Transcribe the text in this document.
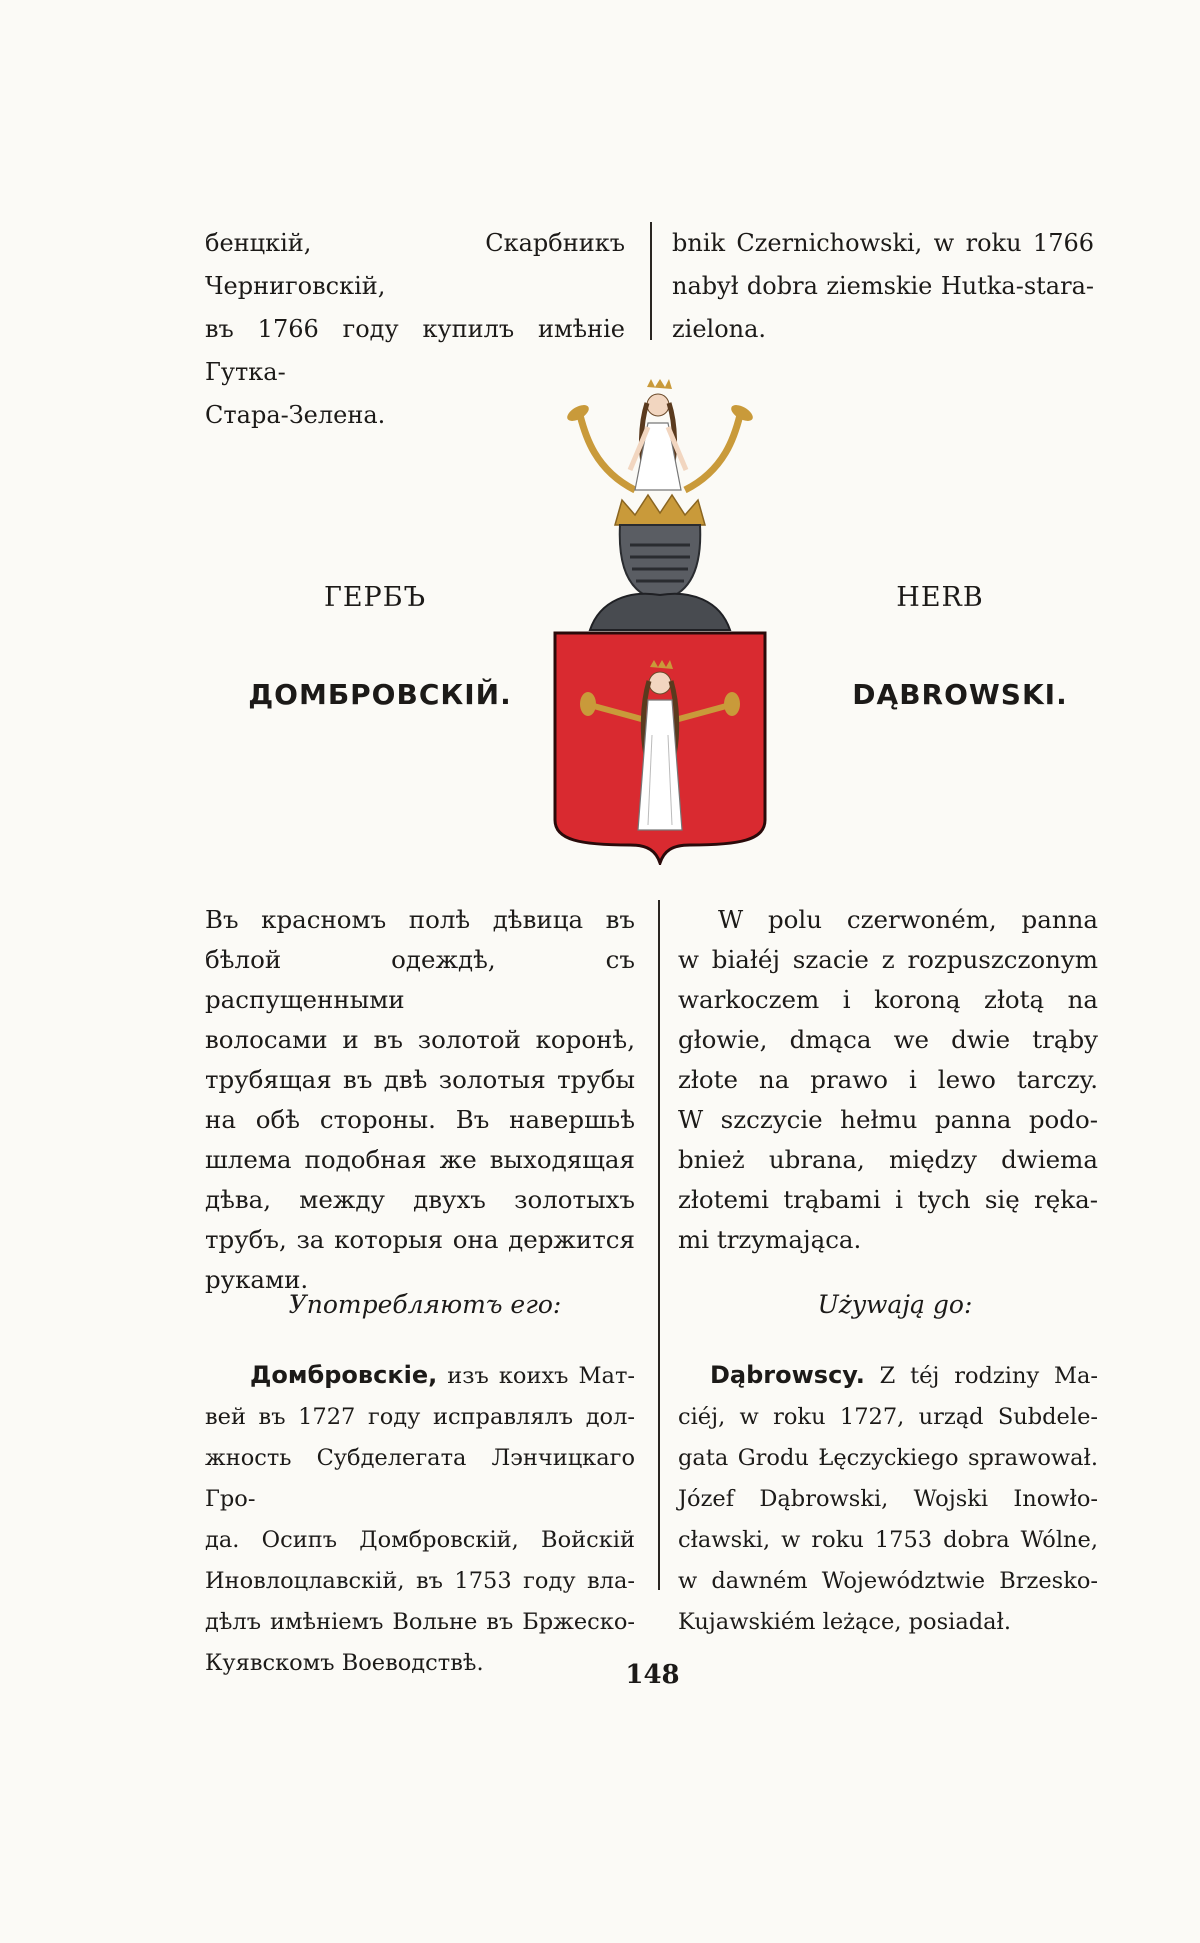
бенцкій, Скарбникъ Черниговскій,
въ 1766 году купилъ имѣніе Гутка-
Стара-Зелена.
bnik Czernichowski, w roku 1766
nabył dobra ziemskie Hutka-stara-
zielona.
ГЕРБЪ
ДОМБРОВСКІЙ.
HERB
DĄBROWSKI.
Въ красномъ полѣ дѣвица въ
бѣлой одеждѣ, съ распущенными
волосами и въ золотой коронѣ,
трубящая въ двѣ золотыя трубы
на обѣ стороны. Въ навершьѣ
шлема подобная же выходящая
дѣва, между двухъ золотыхъ
трубъ, за которыя она держится
руками.
W polu czerwoném, panna
w białéj szacie z rozpuszczonym
warkoczem i koroną złotą na
głowie, dmąca we dwie trąby
złote na prawo i lewo tarczy.
W szczycie hełmu panna podo-
bnież ubrana, między dwiema
złotemi trąbami i tych się ręka-
mi trzymająca.
Употребляютъ его:	Używają go:
Домбровскіе, изъ коихъ Мат-
вей въ 1727 году исправлялъ дол-
жность Субделегата Лэнчицкаго Гро-
да. Осипъ Домбровскій, Войскій
Иновлоцлавскій, въ 1753 году вла-
дѣлъ имѣніемъ Вольне въ Бржеско-
Куявскомъ Воеводствѣ.
Dąbrowscy. Z téj rodziny Ma-
ciéj, w roku 1727, urząd Subdele-
gata Grodu Łęczyckiego sprawował.
Józef Dąbrowski, Wojski Inowło-
cławski, w roku 1753 dobra Wólne,
w dawném Województwie Brzesko-
Kujawskiém leżące, posiadał.
148
